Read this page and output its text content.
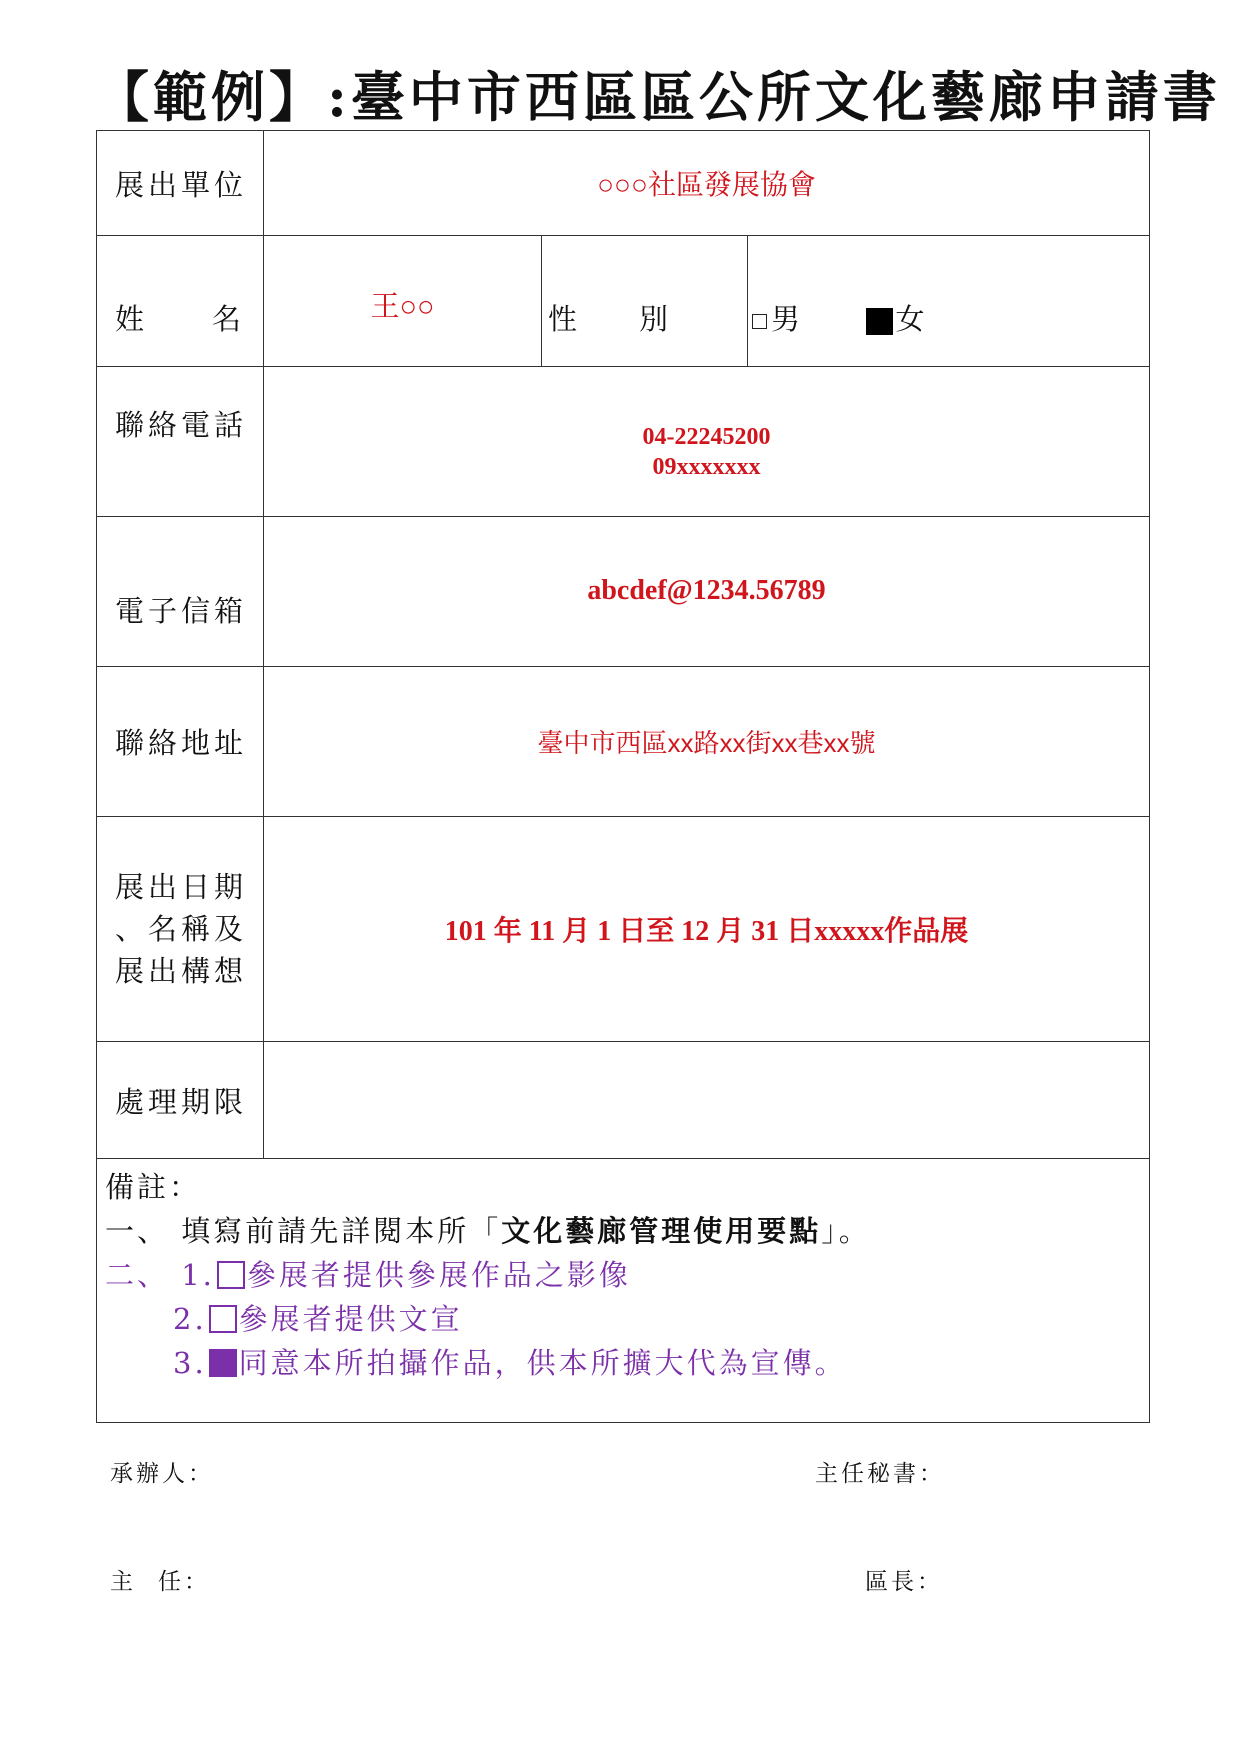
【範例】:臺中市西區區公所文化藝廊申請書
展出單位	○○○社區發展協會		

姓 名	王○○	性 別	男 女
聯絡電話	04-22245200
09xxxxxxx		

電子信箱	abcdef@1234.56789		
聯絡地址	臺中市西區xx路xx街xx巷xx號		

展出日期
、名稱及
展出構想	101 年 11 月 1 日至 12 月 31 日xxxxx作品展		
處理期限			

備註：
一、 填寫前請先詳閱本所「文化藝廊管理使用要點」。
二、 1. 參展者提供參展作品之影像
2. 參展者提供文宣
3. 同意本所拍攝作品，供本所擴大代為宣傳。			
承辦人：	主任秘書：
主 任：	區長：
